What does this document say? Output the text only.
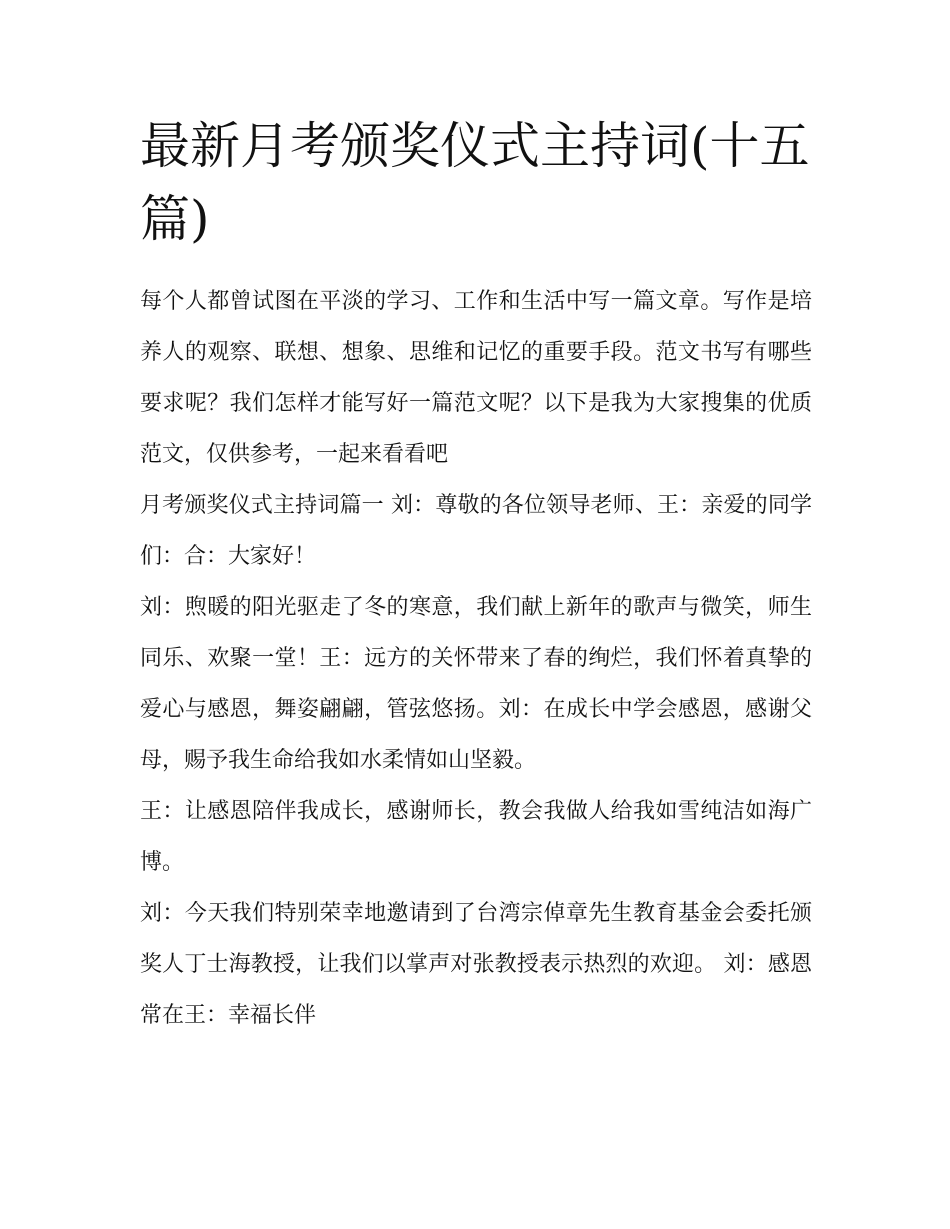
最新月考颁奖仪式主持词(十五篇)

每个人都曾试图在平淡的学习、工作和生活中写一篇文章。写作是培养人的观察、联想、想象、思维和记忆的重要手段。范文书写有哪些要求呢？我们怎样才能写好一篇范文呢？以下是我为大家搜集的优质范文，仅供参考，一起来看看吧

月考颁奖仪式主持词篇一 刘：尊敬的各位领导老师、王：亲爱的同学们：合：大家好！

刘：煦暖的阳光驱走了冬的寒意，我们献上新年的歌声与微笑，师生同乐、欢聚一堂！王：远方的关怀带来了春的绚烂，我们怀着真挚的爱心与感恩，舞姿翩翩，管弦悠扬。刘：在成长中学会感恩，感谢父母，赐予我生命给我如水柔情如山坚毅。

王：让感恩陪伴我成长，感谢师长，教会我做人给我如雪纯洁如海广博。

刘：今天我们特别荣幸地邀请到了台湾宗倬章先生教育基金会委托颁奖人丁士海教授，让我们以掌声对张教授表示热烈的欢迎。 刘：感恩常在王：幸福长伴
